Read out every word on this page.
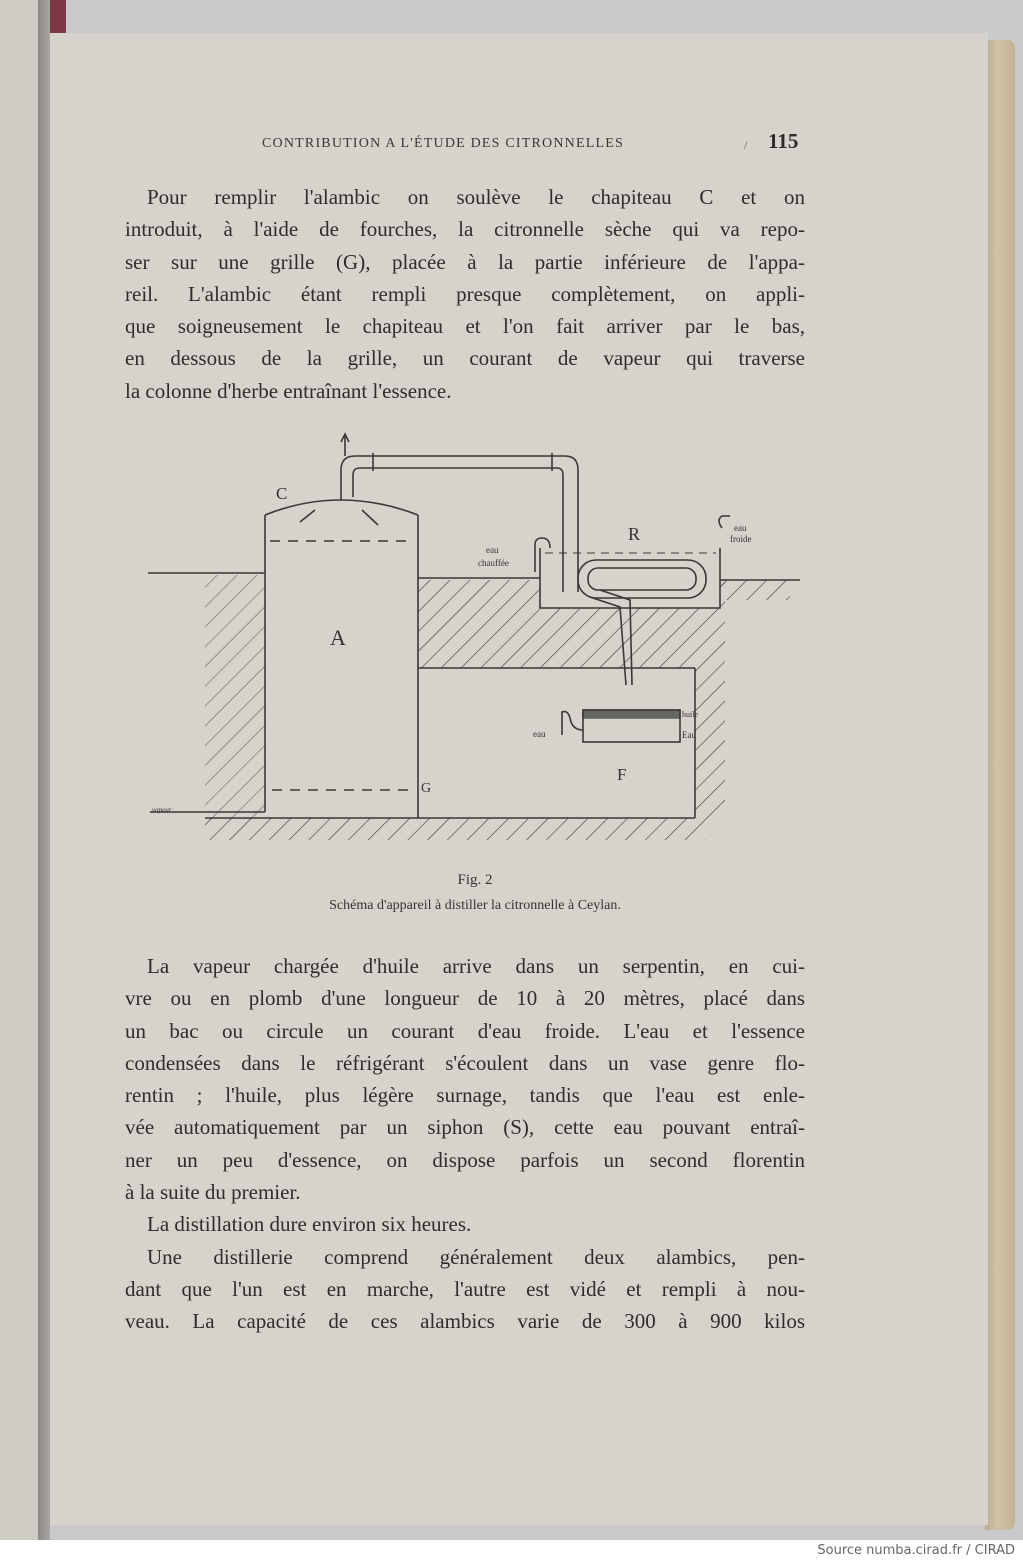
CONTRIBUTION A L'ÉTUDE DES CITRONNELLES	/ 115
Pour remplir l'alambic on soulève le chapiteau C et on
introduit, à l'aide de fourches, la citronnelle sèche qui va repo-
ser sur une grille (G), placée à la partie inférieure de l'appa-
reil. L'alambic étant rempli presque complètement, on appli-
que soigneusement le chapiteau et l'on fait arriver par le bas,
en dessous de la grille, un courant de vapeur qui traverse
la colonne d'herbe entraînant l'essence.
C
A
G
R
F
eau
froide
eau
chauffée
eau
huile
Eau
vapeur
Fig. 2
Schéma d'appareil à distiller la citronnelle à Ceylan.
La vapeur chargée d'huile arrive dans un serpentin, en cui-
vre ou en plomb d'une longueur de 10 à 20 mètres, placé dans
un bac ou circule un courant d'eau froide. L'eau et l'essence
condensées dans le réfrigérant s'écoulent dans un vase genre flo-
rentin ; l'huile, plus légère surnage, tandis que l'eau est enle-
vée automatiquement par un siphon (S), cette eau pouvant entraî-
ner un peu d'essence, on dispose parfois un second florentin
à la suite du premier.
La distillation dure environ six heures.
Une distillerie comprend généralement deux alambics, pen-
dant que l'un est en marche, l'autre est vidé et rempli à nou-
veau. La capacité de ces alambics varie de 300 à 900 kilos
Source numba.cirad.fr / CIRAD
